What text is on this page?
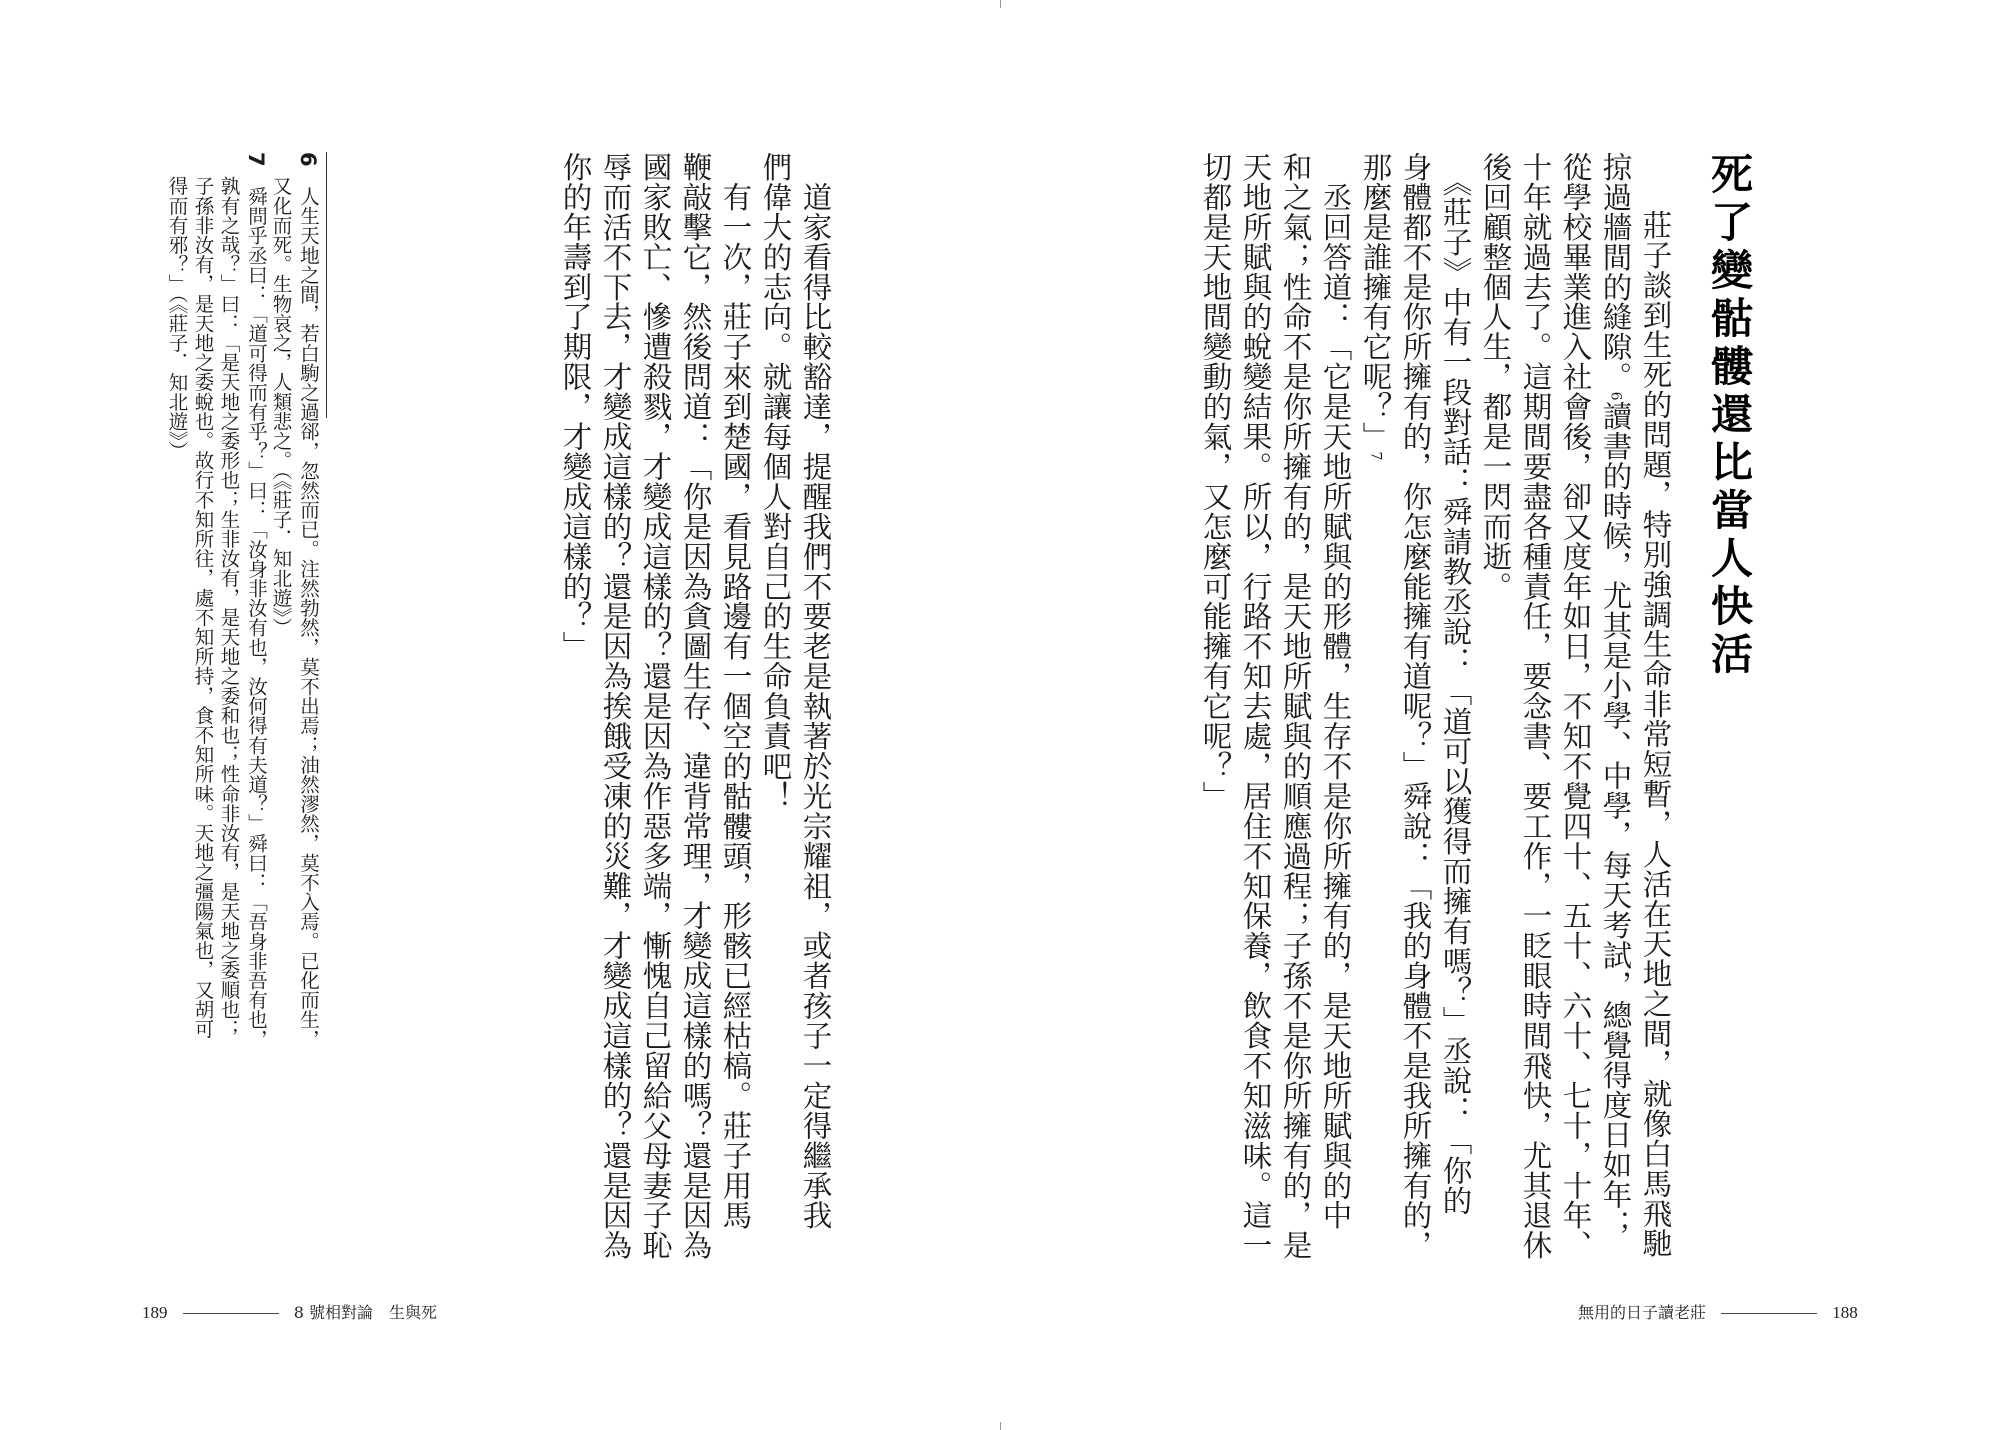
死了變骷髏還比當人快活
　莊子談到生死的問題，特別強調生命非常短暫，人活在天地之間，就像白馬飛馳
掠過牆間的縫隙。6讀書的時候，尤其是小學、中學，每天考試，總覺得度日如年；
從學校畢業進入社會後，卻又度年如日，不知不覺四十、五十、六十、七十，十年、
十年就過去了。這期間要盡各種責任，要念書、要工作，一眨眼時間飛快，尤其退休
後回顧整個人生，都是一閃而逝。
　《莊子》中有一段對話：舜請教丞說：「道可以獲得而擁有嗎？」丞說：「你的
身體都不是你所擁有的，你怎麼能擁有道呢？」舜說：「我的身體不是我所擁有的，
那麼是誰擁有它呢？」7
　丞回答道：「它是天地所賦與的形體，生存不是你所擁有的，是天地所賦與的中
和之氣；性命不是你所擁有的，是天地所賦與的順應過程；子孫不是你所擁有的，是
天地所賦與的蛻變結果。所以，行路不知去處，居住不知保養，飲食不知滋味。這一
切都是天地間變動的氣，又怎麼可能擁有它呢？」
　道家看得比較豁達，提醒我們不要老是執著於光宗耀祖，或者孩子一定得繼承我
們偉大的志向。就讓每個人對自己的生命負責吧！
　有一次，莊子來到楚國，看見路邊有一個空的骷髏頭，形骸已經枯槁。莊子用馬
鞭敲擊它，然後問道：「你是因為貪圖生存、違背常理，才變成這樣的嗎？還是因為
國家敗亡、慘遭殺戮，才變成這樣的？還是因為作惡多端，慚愧自己留給父母妻子恥
辱而活不下去，才變成這樣的？還是因為挨餓受凍的災難，才變成這樣的？還是因為
你的年壽到了期限，才變成這樣的？」
6　人生天地之間，若白駒之過郤，忽然而已。注然勃然，莫不出焉；油然漻然，莫不入焉。已化而生，
又化而死。生物哀之，人類悲之。（《莊子．知北遊》）
7　舜問乎丞曰：「道可得而有乎？」曰：「汝身非汝有也，汝何得有夫道？」舜曰：「吾身非吾有也，
孰有之哉？」曰：「是天地之委形也；生非汝有，是天地之委和也；性命非汝有，是天地之委順也；
子孫非汝有，是天地之委蛻也。故行不知所往，處不知所持，食不知所味。天地之彊陽氣也，又胡可
得而有邪？」（《莊子．知北遊》）
189	8 號相對論　生與死	無用的日子讀老莊	188
